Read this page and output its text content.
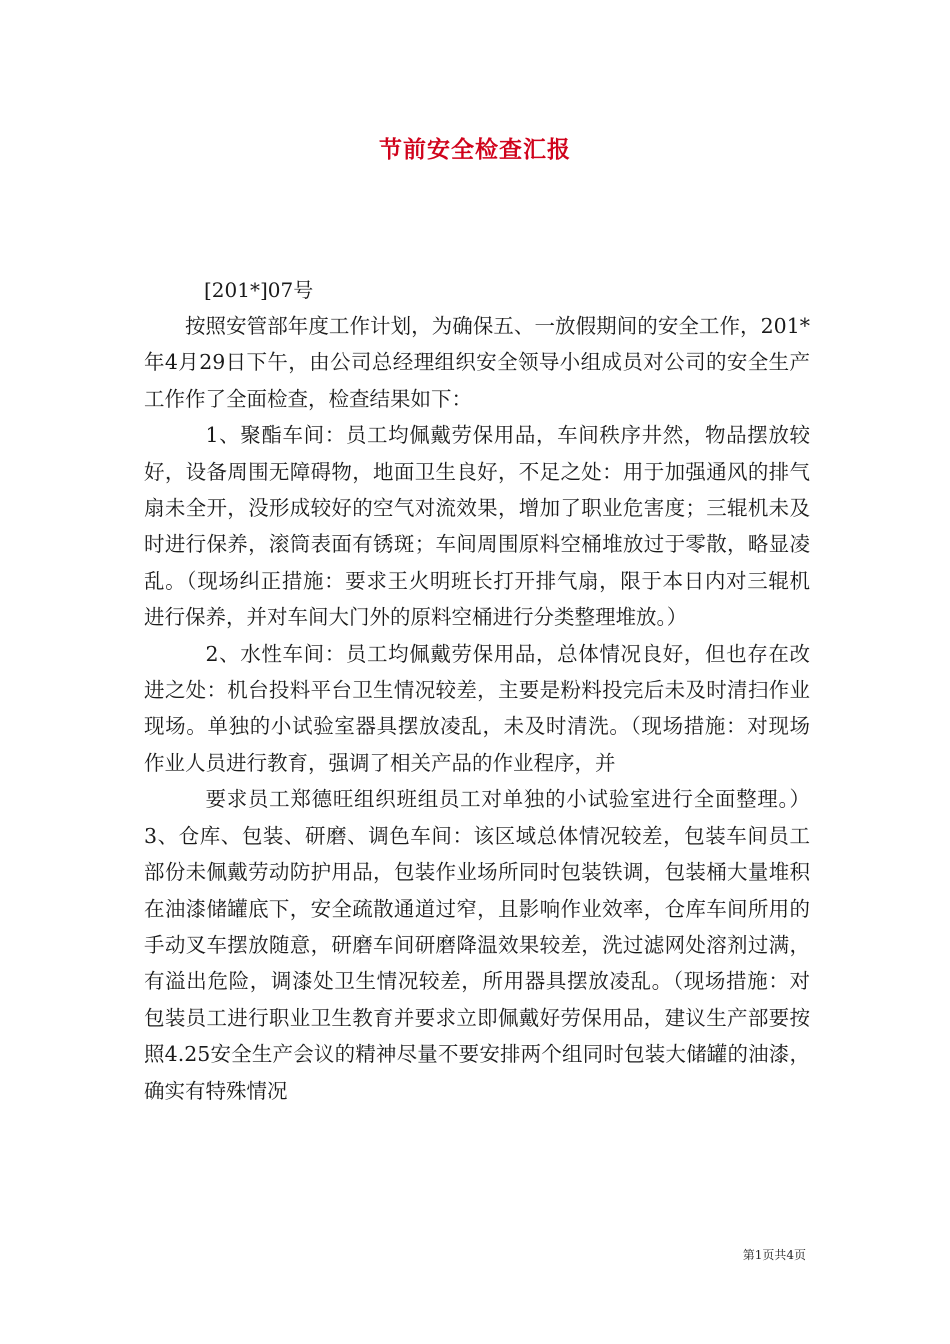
节前安全检查汇报
[201*]07号

按照安管部年度工作计划，为确保五、一放假期间的安全工作，201*年4月29日下午，由公司总经理组织安全领导小组成员对公司的安全生产工作作了全面检查，检查结果如下：

1、聚酯车间：员工均佩戴劳保用品，车间秩序井然，物品摆放较好，设备周围无障碍物，地面卫生良好，不足之处：用于加强通风的排气扇未全开，没形成较好的空气对流效果，增加了职业危害度；三辊机未及时进行保养，滚筒表面有锈斑；车间周围原料空桶堆放过于零散，略显凌乱。（现场纠正措施：要求王火明班长打开排气扇，限于本日内对三辊机进行保养，并对车间大门外的原料空桶进行分类整理堆放。）

2、水性车间：员工均佩戴劳保用品，总体情况良好，但也存在改进之处：机台投料平台卫生情况较差，主要是粉料投完后未及时清扫作业现场。单独的小试验室器具摆放凌乱，未及时清洗。（现场措施：对现场作业人员进行教育，强调了相关产品的作业程序，并

要求员工郑德旺组织班组员工对单独的小试验室进行全面整理。）3、仓库、包装、研磨、调色车间：该区域总体情况较差，包装车间员工部份未佩戴劳动防护用品，包装作业场所同时包装铁调，包装桶大量堆积在油漆储罐底下，安全疏散通道过窄，且影响作业效率，仓库车间所用的手动叉车摆放随意，研磨车间研磨降温效果较差，洗过滤网处溶剂过满，有溢出危险，调漆处卫生情况较差，所用器具摆放凌乱。（现场措施：对包装员工进行职业卫生教育并要求立即佩戴好劳保用品，建议生产部要按照4.25安全生产会议的精神尽量不要安排两个组同时包装大储罐的油漆，确实有特殊情况

第1页共4页
